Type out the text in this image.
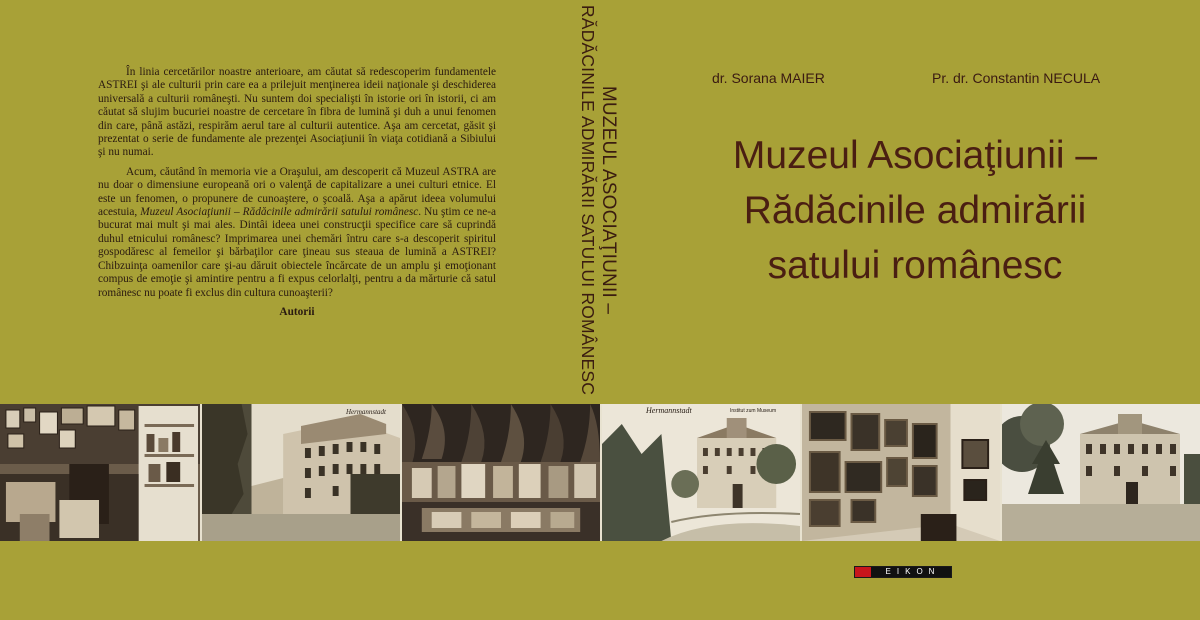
În linia cercetărilor noastre anterioare, am căutat să redescoperim fundamentele ASTREI şi ale culturii prin care ea a prilejuit menţinerea ideii naţionale şi deschiderea universală a culturii româneşti. Nu suntem doi specialişti în istorie ori în istorii, ci am căutat să slujim bucuriei noastre de cercetare în fibra de lumină şi duh a unui fenomen din care, până astăzi, respirăm aerul tare al culturii autentice. Aşa am cercetat, găsit şi prezentat o serie de fundamente ale prezenţei Asociaţiunii în viaţa cotidiană a Sibiului şi nu numai.

Acum, căutând în memoria vie a Oraşului, am descoperit că Muzeul ASTRA are nu doar o dimensiune europeană ori o valenţă de capitalizare a unei culturi etnice. El este un fenomen, o propunere de cunoaştere, o şcoală. Aşa a apărut ideea volumului acestuia, Muzeul Asociaţiunii – Rădăcinile admirării satului românesc. Nu ştim ce ne-a bucurat mai mult şi mai ales. Dintâi ideea unei construcţii specifice care să cuprindă duhul etnicului românesc? Imprimarea unei chemări întru care s-a descoperit spiritul gospodăresc al femeilor şi bărbaţilor care ţineau sus steaua de lumină a ASTREI? Chibzuinţa oamenilor care şi-au dăruit obiectele încărcate de un amplu şi emoţionant compus de emoţie şi amintire pentru a fi expus celorlalţi, pentru a da mărturie că satul românesc nu poate fi exclus din cultura cunoaşterii?

Autorii	MUZEUL ASOCIAŢIUNII –
RĂDĂCINILE ADMIRĂRII SATULUI ROMÂNESC	dr. Sorana MAIER	Pr. dr. Constantin NECULA
Muzeul Asociaţiunii –
Rădăcinile admirării
satului românesc
Hermannstadt	Hermannstadt	Institut zum Museum
EIKON
